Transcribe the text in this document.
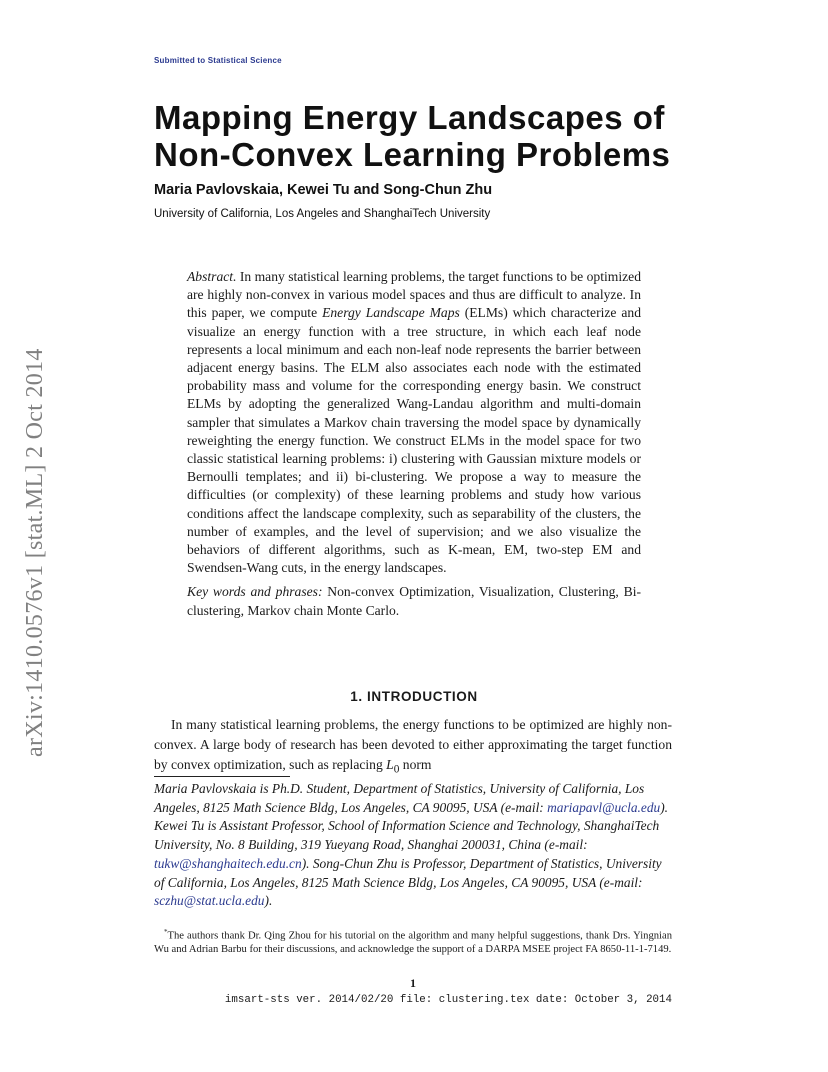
Submitted to Statistical Science
Mapping Energy Landscapes of
Non-Convex Learning Problems
Maria Pavlovskaia, Kewei Tu and Song-Chun Zhu
University of California, Los Angeles and ShanghaiTech University
arXiv:1410.0576v1 [stat.ML] 2 Oct 2014

Abstract. In many statistical learning problems, the target functions to be optimized are highly non-convex in various model spaces and thus are difficult to analyze. In this paper, we compute Energy Landscape Maps (ELMs) which characterize and visualize an energy function with a tree structure, in which each leaf node represents a local minimum and each non-leaf node represents the barrier between adjacent energy basins. The ELM also associates each node with the estimated probability mass and volume for the corresponding energy basin. We construct ELMs by adopting the generalized Wang-Landau algorithm and multi-domain sampler that simulates a Markov chain traversing the model space by dynamically reweighting the energy function. We construct ELMs in the model space for two classic statistical learning problems: i) clustering with Gaussian mixture models or Bernoulli templates; and ii) bi-clustering. We propose a way to measure the difficulties (or complexity) of these learning problems and study how various conditions affect the landscape complexity, such as separability of the clusters, the number of examples, and the level of supervision; and we also visualize the behaviors of different algorithms, such as K-mean, EM, two-step EM and Swendsen-Wang cuts, in the energy landscapes.

Key words and phrases: Non-convex Optimization, Visualization, Clustering, Bi-clustering, Markov chain Monte Carlo.

1. INTRODUCTION

In many statistical learning problems, the energy functions to be optimized are highly non-convex. A large body of research has been devoted to either approximating the target function by convex optimization, such as replacing $L_0$ norm

Maria Pavlovskaia is Ph.D. Student, Department of Statistics, University of California, Los Angeles, 8125 Math Science Bldg, Los Angeles, CA 90095, USA (e-mail: mariapavl@ucla.edu). Kewei Tu is Assistant Professor, School of Information Science and Technology, ShanghaiTech University, No. 8 Building, 319 Yueyang Road, Shanghai 200031, China (e-mail: tukw@shanghaitech.edu.cn). Song-Chun Zhu is Professor, Department of Statistics, University of California, Los Angeles, 8125 Math Science Bldg, Los Angeles, CA 90095, USA (e-mail: sczhu@stat.ucla.edu).

*The authors thank Dr. Qing Zhou for his tutorial on the algorithm and many helpful suggestions, thank Drs. Yingnian Wu and Adrian Barbu for their discussions, and acknowledge the support of a DARPA MSEE project FA 8650-11-1-7149.

1
imsart-sts ver. 2014/02/20 file: clustering.tex date: October 3, 2014
